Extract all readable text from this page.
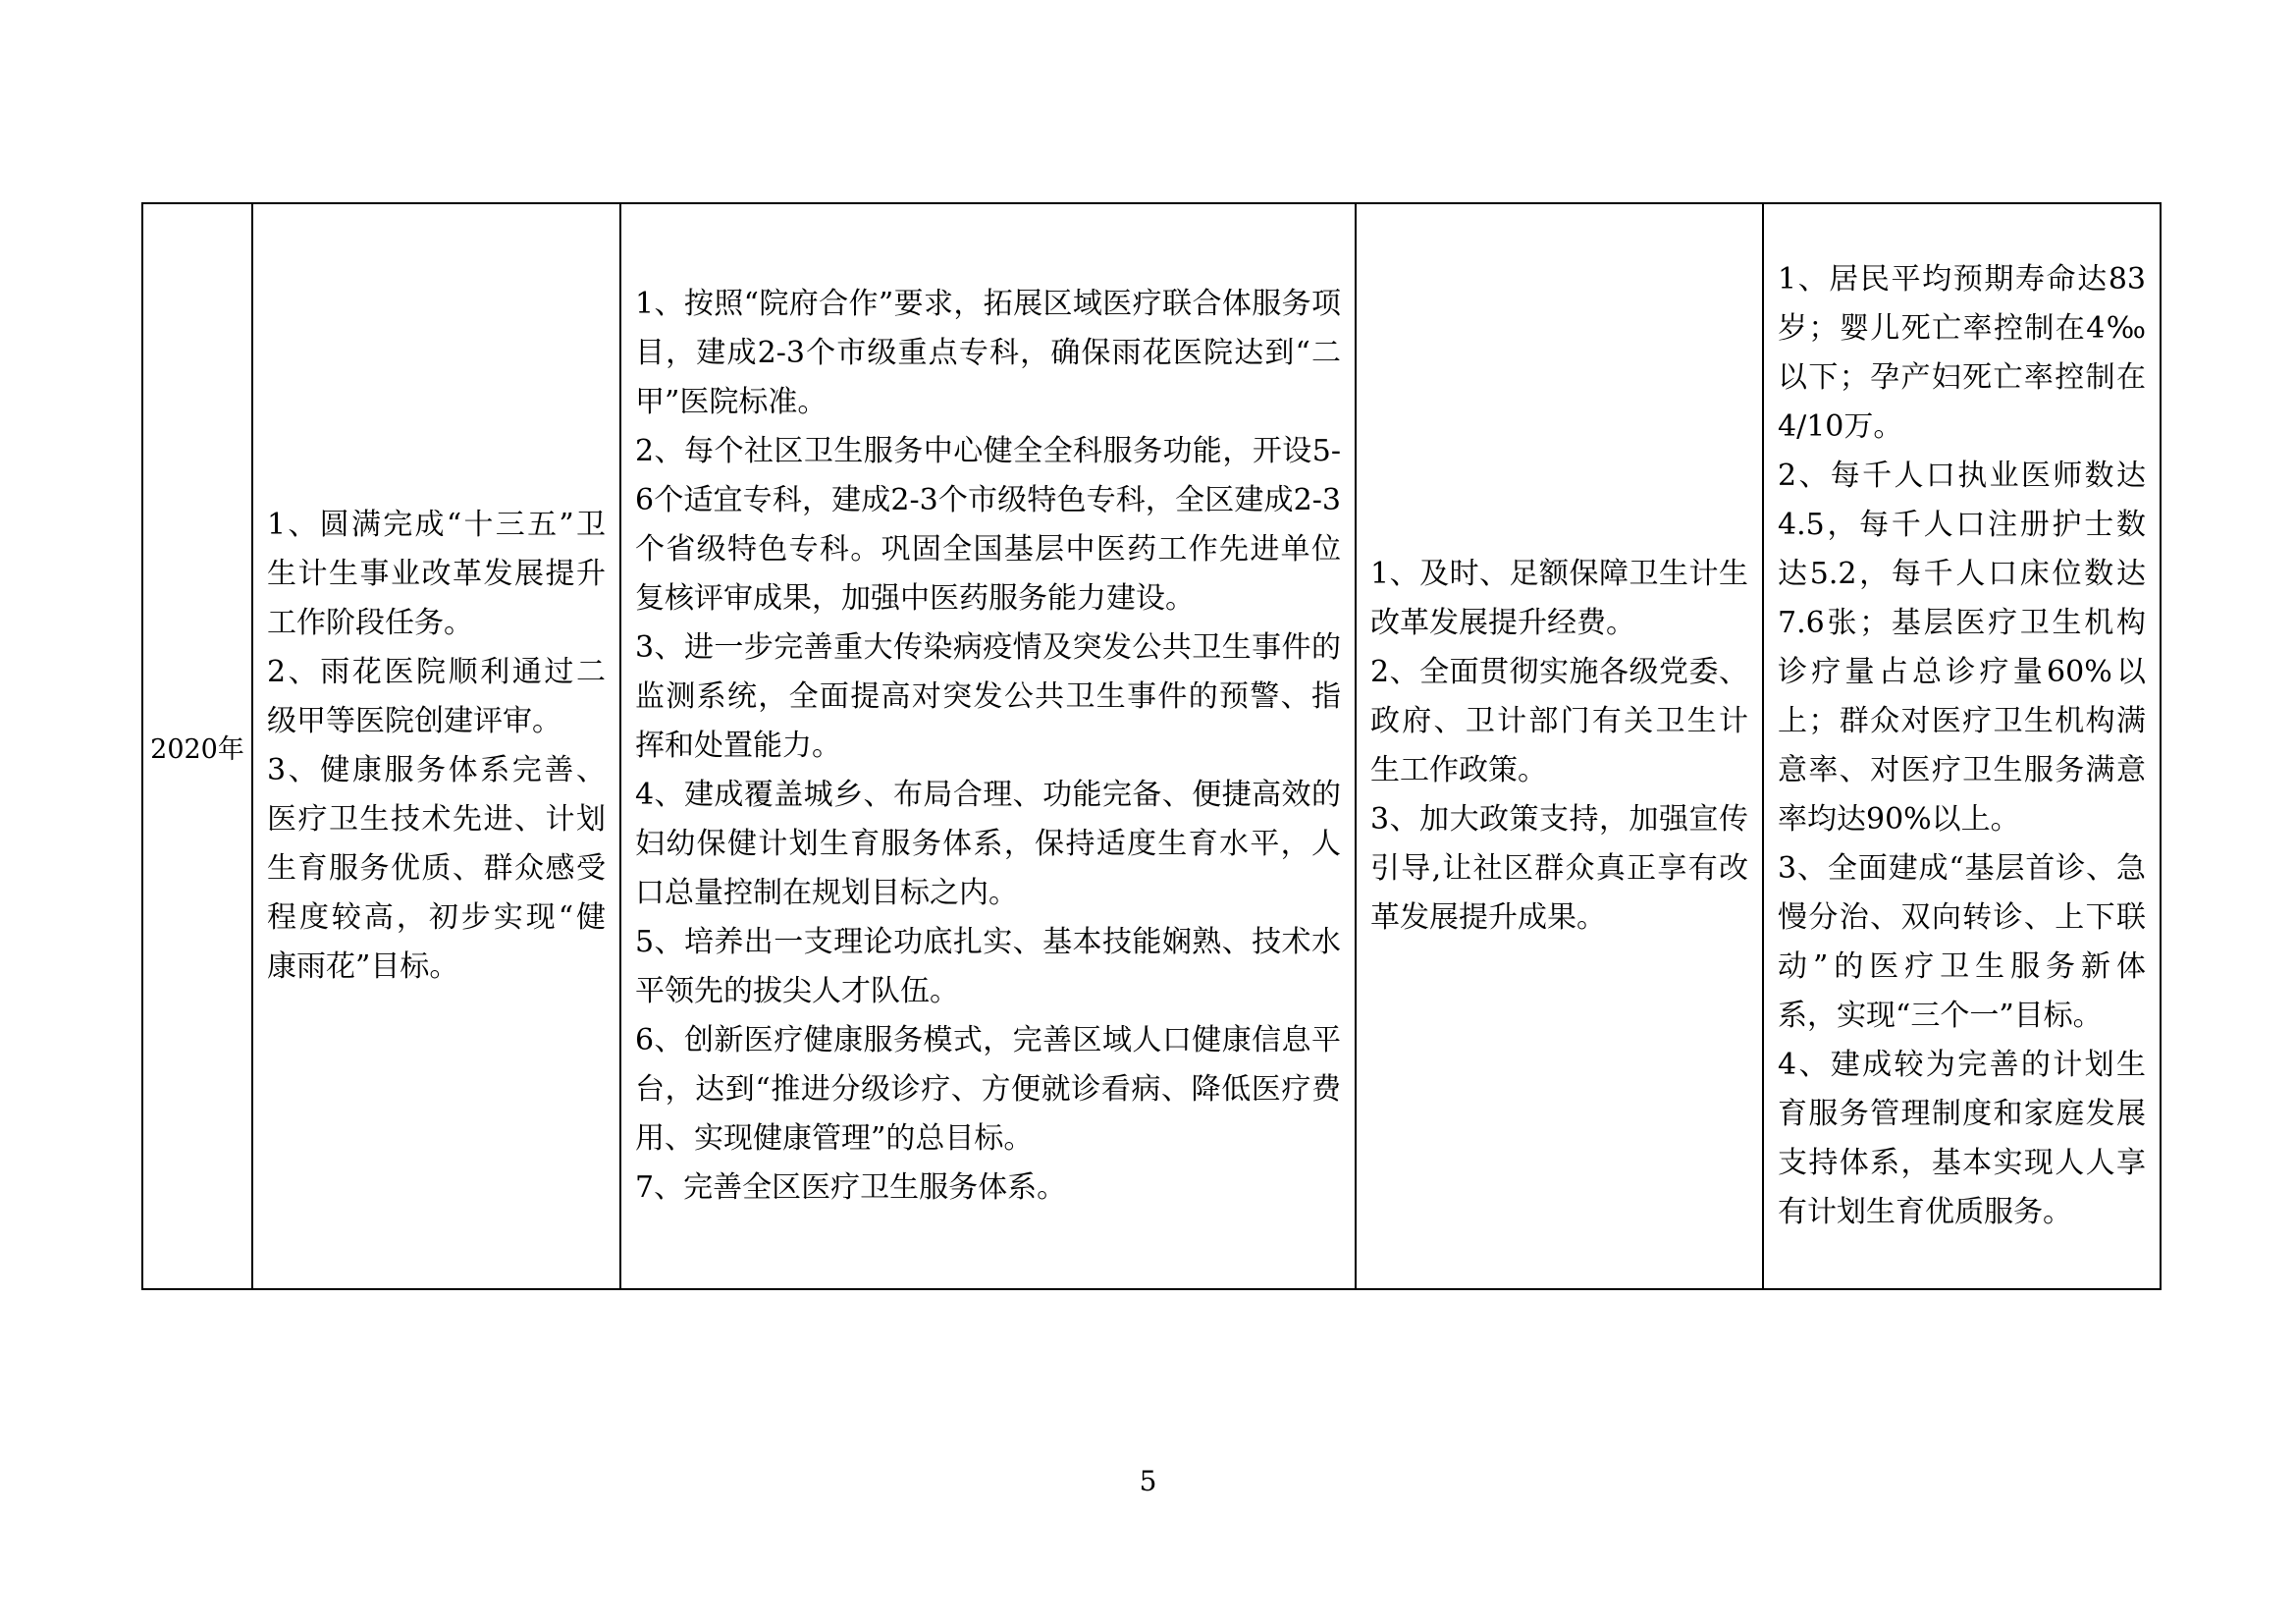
2020年	
1、圆满完成“十三五”卫生计生事业改革发展提升工作阶段任务。
2、雨花医院顺利通过二级甲等医院创建评审。
3、健康服务体系完善、医疗卫生技术先进、计划生育服务优质、群众感受程度较高，初步实现“健康雨花”目标。

1、按照“院府合作”要求，拓展区域医疗联合体服务项目，建成2-3个市级重点专科，确保雨花医院达到“二甲”医院标准。
2、每个社区卫生服务中心健全全科服务功能，开设5-6个适宜专科，建成2-3个市级特色专科，全区建成2-3个省级特色专科。巩固全国基层中医药工作先进单位复核评审成果，加强中医药服务能力建设。
3、进一步完善重大传染病疫情及突发公共卫生事件的监测系统，全面提高对突发公共卫生事件的预警、指挥和处置能力。
4、建成覆盖城乡、布局合理、功能完备、便捷高效的妇幼保健计划生育服务体系，保持适度生育水平，人口总量控制在规划目标之内。
5、培养出一支理论功底扎实、基本技能娴熟、技术水平领先的拔尖人才队伍。
6、创新医疗健康服务模式，完善区域人口健康信息平台，达到“推进分级诊疗、方便就诊看病、降低医疗费用、实现健康管理”的总目标。
7、完善全区医疗卫生服务体系。

1、及时、足额保障卫生计生改革发展提升经费。
2、全面贯彻实施各级党委、政府、卫计部门有关卫生计生工作政策。
3、加大政策支持，加强宣传引导,让社区群众真正享有改革发展提升成果。

1、居民平均预期寿命达83岁；婴儿死亡率控制在4‰以下；孕产妇死亡率控制在4/10万。
2、每千人口执业医师数达4.5，每千人口注册护士数达5.2，每千人口床位数达7.6张；基层医疗卫生机构诊疗量占总诊疗量60%以上；群众对医疗卫生机构满意率、对医疗卫生服务满意率均达90%以上。
3、全面建成“基层首诊、急慢分治、双向转诊、上下联动”的医疗卫生服务新体系，实现“三个一”目标。
4、建成较为完善的计划生育服务管理制度和家庭发展支持体系，基本实现人人享有计划生育优质服务。
5
